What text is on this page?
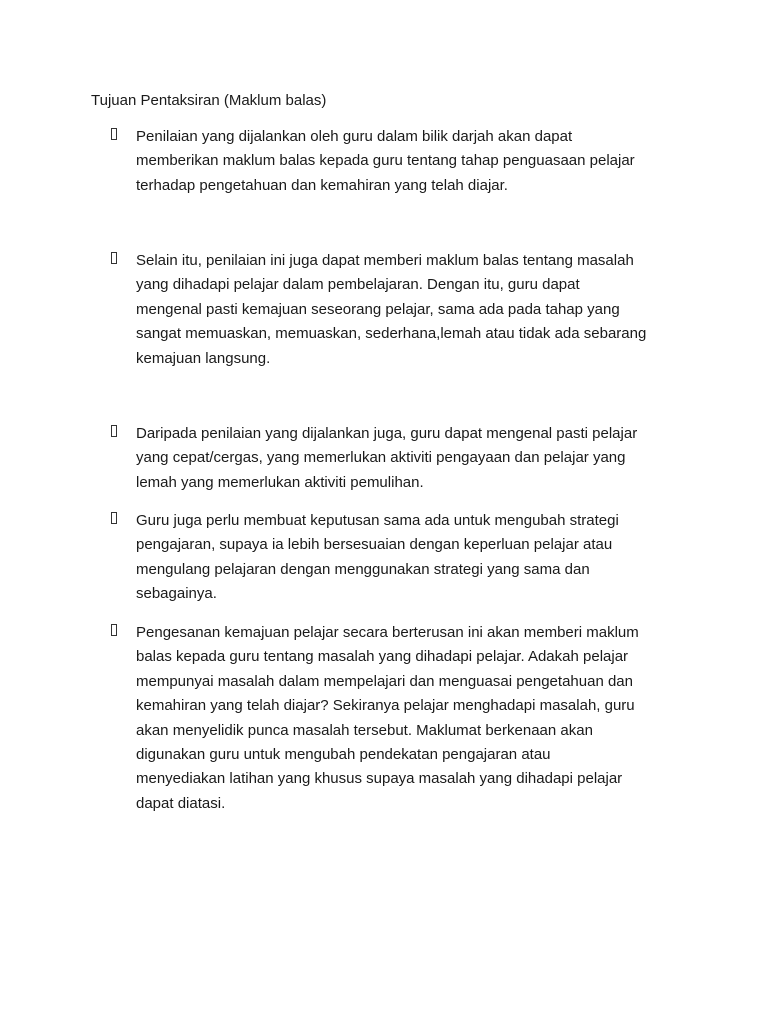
Tujuan Pentaksiran (Maklum balas)
Penilaian yang dijalankan oleh guru dalam bilik darjah akan dapat
memberikan maklum balas kepada guru tentang tahap penguasaan pelajar
terhadap pengetahuan dan kemahiran yang telah diajar.
Selain itu, penilaian ini juga dapat memberi maklum balas tentang masalah
yang dihadapi pelajar dalam pembelajaran. Dengan itu, guru dapat
mengenal pasti kemajuan seseorang pelajar, sama ada pada tahap yang
sangat memuaskan, memuaskan, sederhana,lemah atau tidak ada sebarang
kemajuan langsung.
Daripada penilaian yang dijalankan juga, guru dapat mengenal pasti pelajar
yang cepat/cergas, yang memerlukan aktiviti pengayaan dan pelajar yang
lemah yang memerlukan aktiviti pemulihan.
Guru juga perlu membuat keputusan sama ada untuk mengubah strategi
pengajaran, supaya ia lebih bersesuaian dengan keperluan pelajar atau
mengulang pelajaran dengan menggunakan strategi yang sama dan
sebagainya.
Pengesanan kemajuan pelajar secara berterusan ini akan memberi maklum
balas kepada guru tentang masalah yang dihadapi pelajar. Adakah pelajar
mempunyai masalah dalam mempelajari dan menguasai pengetahuan dan
kemahiran yang telah diajar? Sekiranya pelajar menghadapi masalah, guru
akan menyelidik punca masalah tersebut. Maklumat berkenaan akan
digunakan guru untuk mengubah pendekatan pengajaran atau
menyediakan latihan yang khusus supaya masalah yang dihadapi pelajar
dapat diatasi.
